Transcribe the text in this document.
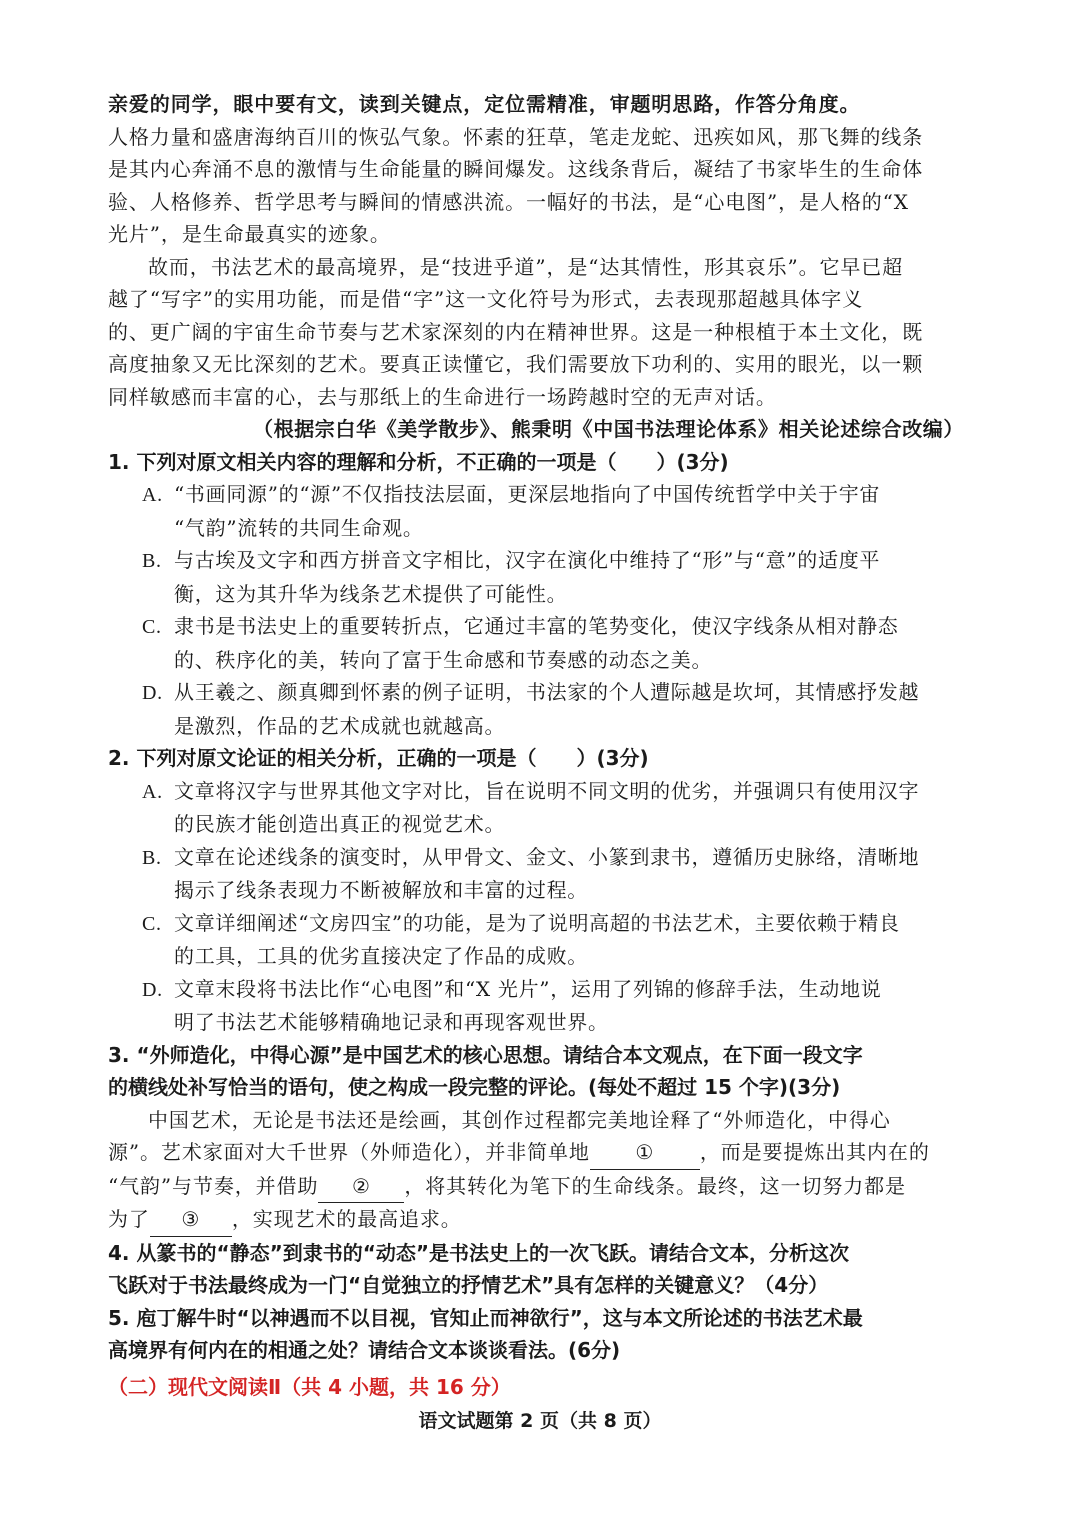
亲爱的同学，眼中要有文，读到关键点，定位需精准，审题明思路，作答分角度。
人格力量和盛唐海纳百川的恢弘气象。怀素的狂草，笔走龙蛇、迅疾如风，那飞舞的线条
是其内心奔涌不息的激情与生命能量的瞬间爆发。这线条背后，凝结了书家毕生的生命体
验、人格修养、哲学思考与瞬间的情感洪流。一幅好的书法，是“心电图”，是人格的“X
光片”，是生命最真实的迹象。
故而，书法艺术的最高境界，是“技进乎道”，是“达其情性，形其哀乐”。它早已超
越了“写字”的实用功能，而是借“字”这一文化符号为形式，去表现那超越具体字义
的、更广阔的宇宙生命节奏与艺术家深刻的内在精神世界。这是一种根植于本土文化，既
高度抽象又无比深刻的艺术。要真正读懂它，我们需要放下功利的、实用的眼光，以一颗
同样敏感而丰富的心，去与那纸上的生命进行一场跨越时空的无声对话。
（根据宗白华《美学散步》、熊秉明《中国书法理论体系》相关论述综合改编）
1. 下列对原文相关内容的理解和分析，不正确的一项是（　　）(3分)
A. “书画同源”的“源”不仅指技法层面，更深层地指向了中国传统哲学中关于宇宙
“气韵”流转的共同生命观。
B. 与古埃及文字和西方拼音文字相比，汉字在演化中维持了“形”与“意”的适度平
衡，这为其升华为线条艺术提供了可能性。
C. 隶书是书法史上的重要转折点，它通过丰富的笔势变化，使汉字线条从相对静态
的、秩序化的美，转向了富于生命感和节奏感的动态之美。
D. 从王羲之、颜真卿到怀素的例子证明，书法家的个人遭际越是坎坷，其情感抒发越
是激烈，作品的艺术成就也就越高。
2. 下列对原文论证的相关分析，正确的一项是（　　）(3分)
A. 文章将汉字与世界其他文字对比，旨在说明不同文明的优劣，并强调只有使用汉字
的民族才能创造出真正的视觉艺术。
B. 文章在论述线条的演变时，从甲骨文、金文、小篆到隶书，遵循历史脉络，清晰地
揭示了线条表现力不断被解放和丰富的过程。
C. 文章详细阐述“文房四宝”的功能，是为了说明高超的书法艺术，主要依赖于精良
的工具，工具的优劣直接决定了作品的成败。
D. 文章末段将书法比作“心电图”和“X 光片”，运用了列锦的修辞手法，生动地说
明了书法艺术能够精确地记录和再现客观世界。
3. “外师造化，中得心源”是中国艺术的核心思想。请结合本文观点，在下面一段文字
的横线处补写恰当的语句，使之构成一段完整的评论。(每处不超过 15 个字)(3分)
中国艺术，无论是书法还是绘画，其创作过程都完美地诠释了“外师造化，中得心
源”。艺术家面对大千世界（外师造化），并非简单地 ① ，而是要提炼出其内在的
“气韵”与节奏，并借助 ② ，将其转化为笔下的生命线条。最终，这一切努力都是
为了 ③ ，实现艺术的最高追求。
4. 从篆书的“静态”到隶书的“动态”是书法史上的一次飞跃。请结合文本，分析这次
飞跃对于书法最终成为一门“自觉独立的抒情艺术”具有怎样的关键意义？（4分）
5. 庖丁解牛时“以神遇而不以目视，官知止而神欲行”，这与本文所论述的书法艺术最
高境界有何内在的相通之处？请结合文本谈谈看法。(6分)
（二）现代文阅读Ⅱ（共 4 小题，共 16 分）
语文试题第 2 页（共 8 页）
